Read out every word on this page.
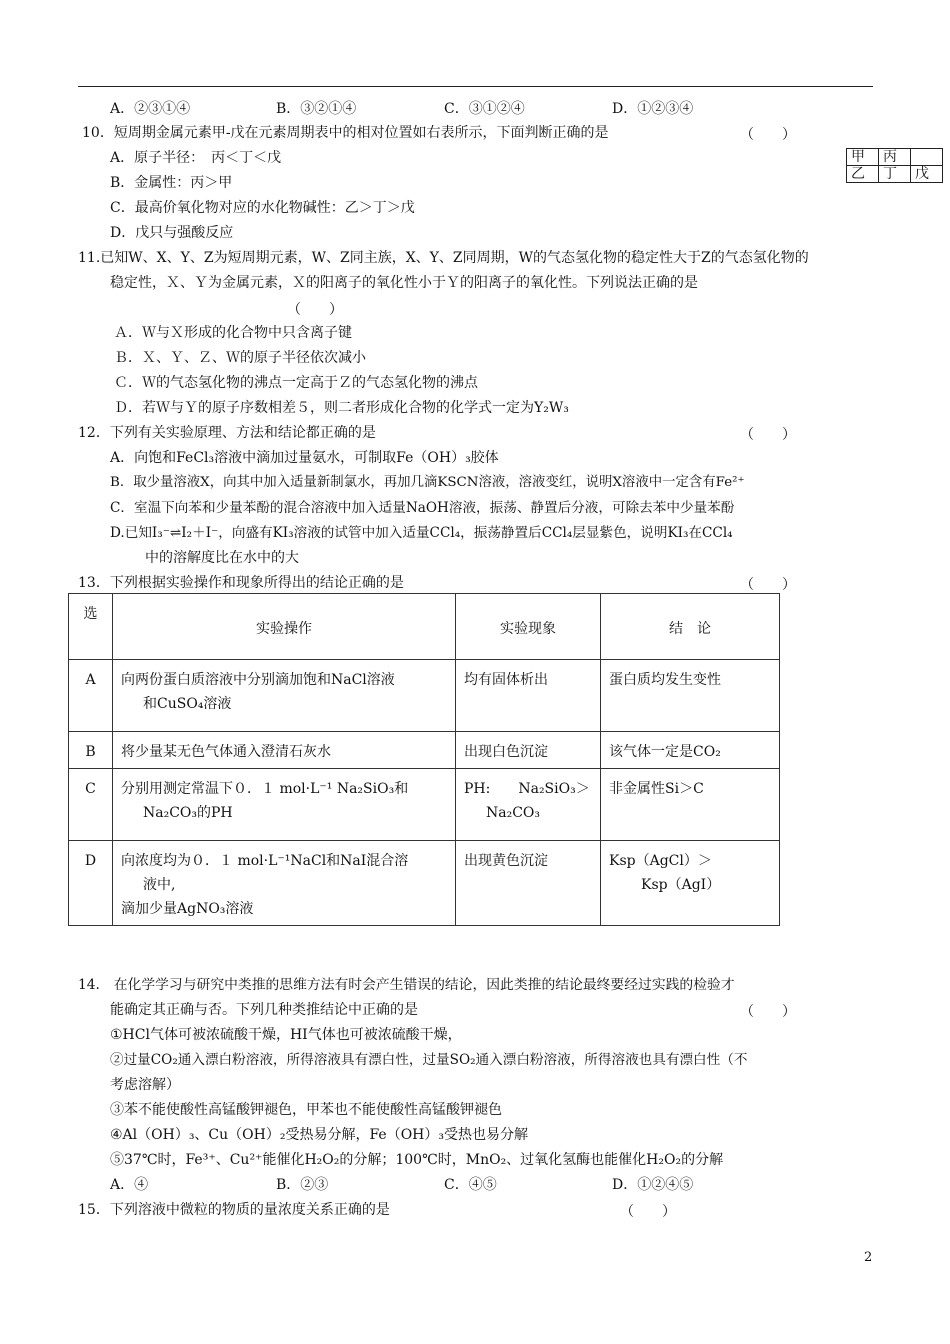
A．②③①④	B．③②①④	C．③①②④	D．①②③④
10．短周期金属元素甲-戊在元素周期表中的相对位置如右表所示，下面判断正确的是	（　　）
A．原子半径：　丙＜丁＜戊
B．金属性：丙＞甲
C．最高价氧化物对应的水化物碱性：乙＞丁＞戊
D．戊只与强酸反应
甲	丙	
乙	丁	戊
11.已知W、X、Y、Z为短周期元素，W、Z同主族，X、Y、Z同周期，W的气态氢化物的稳定性大于Z的气态氢化物的
稳定性，Ｘ、Ｙ为金属元素，Ｘ的阳离子的氧化性小于Ｙ的阳离子的氧化性。下列说法正确的是
（　　）
Ａ．Ｗ与Ｘ形成的化合物中只含离子键
Ｂ．Ｘ、Ｙ、Ｚ、Ｗ的原子半径依次减小
Ｃ．Ｗ的气态氢化物的沸点一定高于Ｚ的气态氢化物的沸点
Ｄ．若Ｗ与Ｙ的原子序数相差５，则二者形成化合物的化学式一定为Y₂W₃
12．下列有关实验原理、方法和结论都正确的是	（　　）
A．向饱和FeCl₃溶液中滴加过量氨水，可制取Fe（OH）₃胶体
B．取少量溶液X，向其中加入适量新制氯水，再加几滴KSCN溶液，溶液变红，说明X溶液中一定含有Fe²⁺
C．室温下向苯和少量苯酚的混合溶液中加入适量NaOH溶液，振荡、静置后分液，可除去苯中少量苯酚
D.已知I₃⁻⇌I₂＋I⁻，向盛有KI₃溶液的试管中加入适量CCl₄，振荡静置后CCl₄层显紫色，说明KI₃在CCl₄
中的溶解度比在水中的大
13．下列根据实验操作和现象所得出的结论正确的是	（　　）
选	实验操作	实验现象	结　论
A	向两份蛋白质溶液中分别滴加饱和NaCl溶液
和CuSO₄溶液	均有固体析出	蛋白质均发生变性
B	将少量某无色气体通入澄清石灰水	出现白色沉淀	该气体一定是CO₂
C	分别用测定常温下０．１ mol·L⁻¹ Na₂SiO₃和
Na₂CO₃的PH	PH:　　Na₂SiO₃＞
Na₂CO₃	非金属性Si＞C
D	向浓度均为０．１ mol·L⁻¹NaCl和NaI混合溶
液中,
滴加少量AgNO₃溶液	出现黄色沉淀	Ksp（AgCl）＞
Ksp（AgI）
14.　在化学学习与研究中类推的思维方法有时会产生错误的结论，因此类推的结论最终要经过实践的检验才
能确定其正确与否。下列几种类推结论中正确的是	（　　）
①HCl气体可被浓硫酸干燥，HI气体也可被浓硫酸干燥，
②过量CO₂通入漂白粉溶液，所得溶液具有漂白性，过量SO₂通入漂白粉溶液，所得溶液也具有漂白性（不
考虑溶解）
③苯不能使酸性高锰酸钾褪色，甲苯也不能使酸性高锰酸钾褪色
④Al（OH）₃、Cu（OH）₂受热易分解，Fe（OH）₃受热也易分解
⑤37℃时，Fe³⁺、Cu²⁺能催化H₂O₂的分解；100℃时，MnO₂、过氧化氢酶也能催化H₂O₂的分解
A．④	B．②③	C．④⑤	D．①②④⑤
15．下列溶液中微粒的物质的量浓度关系正确的是	（　　）
2
